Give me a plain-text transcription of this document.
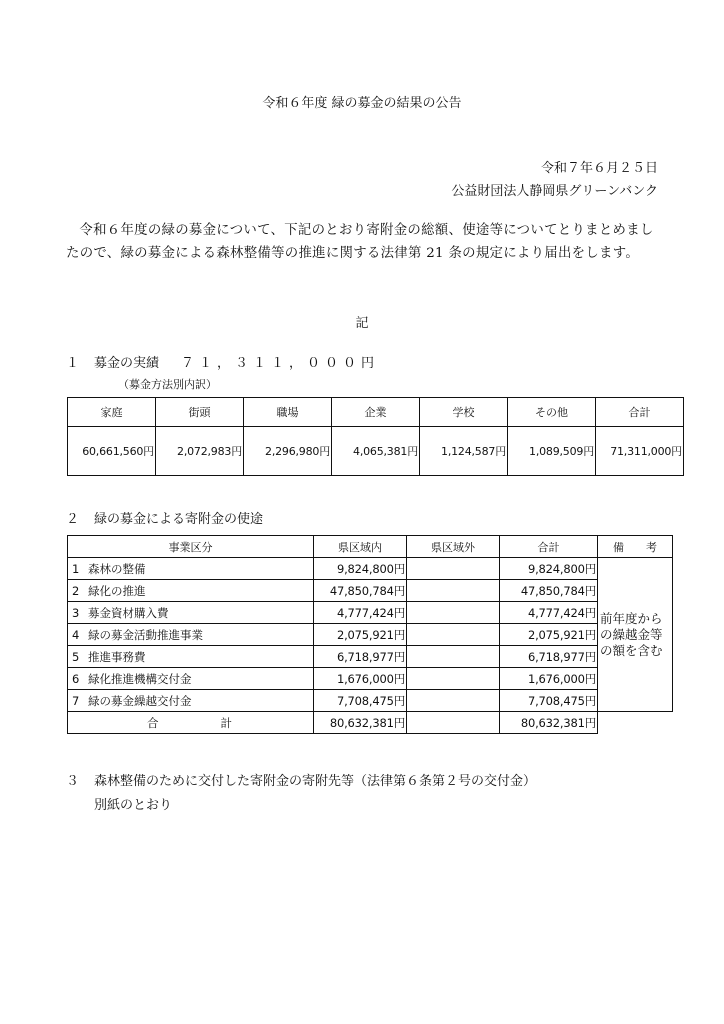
令和６年度 緑の募金の結果の公告
令和７年６月２５日
公益財団法人静岡県グリーンバンク
令和６年度の緑の募金について、下記のとおり寄附金の総額、使途等についてとりまとめましたので、緑の募金による森林整備等の推進に関する法律第 21 条の規定により届出をします。
記
１ 募金の実績 ７１，３１１，０００円
（募金方法別内訳）
家庭	街頭	職場	企業	学校	その他	合計
60,661,560円	2,072,983円	2,296,980円	4,065,381円	1,124,587円	1,089,509円	71,311,000円
２ 緑の募金による寄附金の使途
事業区分	県区域内	県区域外	合計	備　　考
1 森林の整備	9,824,800円		9,824,800円	前年度からの繰越金等の額を含む
2 緑化の推進	47,850,784円		47,850,784円	
3 募金資材購入費	4,777,424円		4,777,424円	
4 緑の募金活動推進事業	2,075,921円		2,075,921円	
5 推進事務費	6,718,977円		6,718,977円	
6 緑化推進機構交付金	1,676,000円		1,676,000円	
7 緑の募金繰越交付金	7,708,475円		7,708,475円	
合計	80,632,381円		80,632,381円	
３ 森林整備のために交付した寄附金の寄附先等（法律第６条第２号の交付金）
別紙のとおり
